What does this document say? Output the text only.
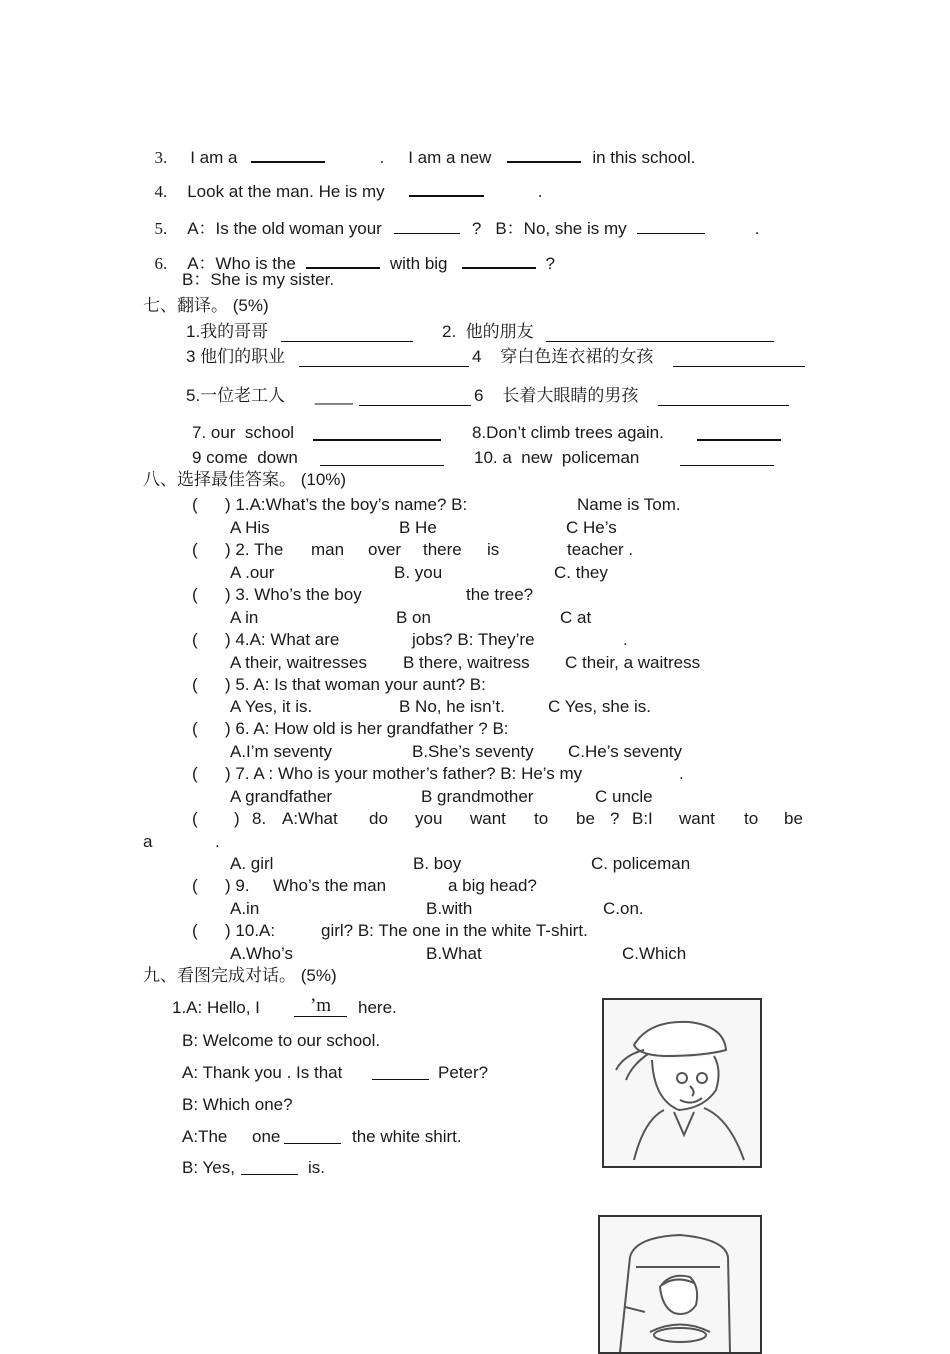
3. I am a	. I am a new	in this school.

4. Look at the man. He is my	.

5. A：Is the old woman your	? B：No, she is my	.

6. A：Who is the	with big	?

B：She is my sister.
七、翻译。 (5%)
1.我的哥哥	2.  他的朋友
3 他们的职业	4    穿白色连衣裙的女孩
5.一位老工人 ____	6    长着大眼睛的男孩
7. our  school	8.Don’t climb trees again.
9 come  down	10. a  new  policeman
八、选择最佳答案。 (10%)
( ) 1.A:What’s the boy’s name? B:	Name is Tom.
A His	B He	C He’s
( ) 2. The man over there is	teacher .
A .our	B. you	C. they
( ) 3. Who’s the boy	the tree?
A in	B on	C at
( ) 4.A: What are	jobs? B: They’re	.
A their, waitresses B there, waitress C their, a waitress
( ) 5. A: Is that woman your aunt? B:
A Yes, it is.	B No, he isn’t.	C Yes, she is.
( ) 6. A: How old is her grandfather ? B:
A.I’m seventy	B.She’s seventy C.He’s seventy
( ) 7. A : Who is your mother’s father? B: He’s my	.
A grandfather	B grandmother	C uncle
( ) 8. A:What do you want to be ? B:I want to be
a	.
A. girl	B. boy	C. policeman
( ) 9. Who’s the man	a big head?
A.in	B.with	C.on.
( ) 10.A:	girl? B: The one in the white T-shirt.
A.Who’s	B.What	C.Which
九、看图完成对话。 (5%)
1.A: Hello, I	’m	here.
B: Welcome to our school.
A: Thank you . Is that	Peter?
B: Which one?
A:The one	the white shirt.
B: Yes,	is.
